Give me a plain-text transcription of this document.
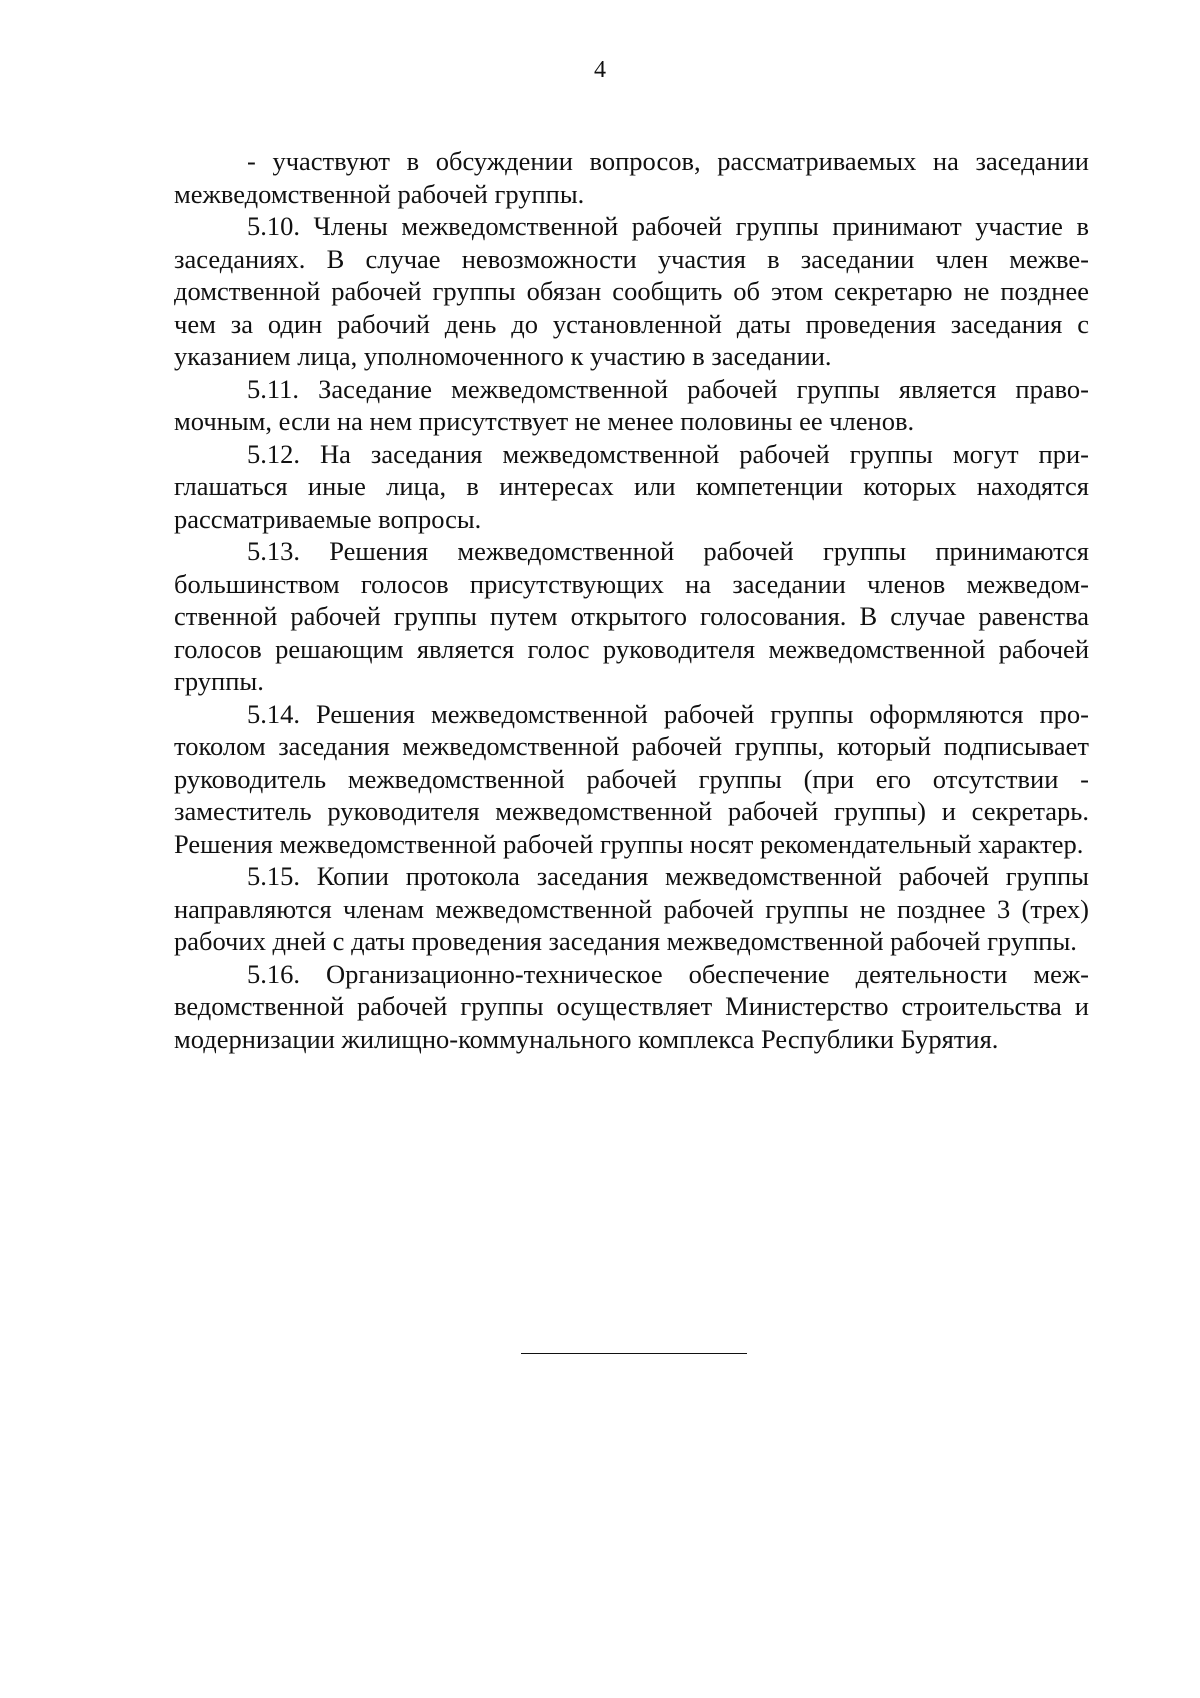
4

- участвуют в обсуждении вопросов, рассматриваемых на заседании межведомственной рабочей группы.

5.10. Члены межведомственной рабочей группы принимают участие в заседаниях. В случае невозможности участия в заседании член межведомственной рабочей группы обязан сообщить об этом секретарю не позднее чем за один рабочий день до установленной даты проведения заседания с указанием лица, уполномоченного к участию в заседании.

5.11. Заседание межведомственной рабочей группы является правомочным, если на нем присутствует не менее половины ее членов.

5.12. На заседания межведомственной рабочей группы могут приглашаться иные лица, в интересах или компетенции которых находятся рассматриваемые вопросы.

5.13. Решения межведомственной рабочей группы принимаются большинством голосов присутствующих на заседании членов межведомственной рабочей группы путем открытого голосования. В случае равенства голосов решающим является голос руководителя межведомственной рабочей группы.

5.14. Решения межведомственной рабочей группы оформляются протоколом заседания межведомственной рабочей группы, который подписывает руководитель межведомственной рабочей группы (при его отсутствии - заместитель руководителя межведомственной рабочей группы) и секретарь. Решения межведомственной рабочей группы носят рекомендательный характер.

5.15. Копии протокола заседания межведомственной рабочей группы направляются членам межведомственной рабочей группы не позднее 3 (трех) рабочих дней с даты проведения заседания межведомственной рабочей группы.

5.16. Организационно-техническое обеспечение деятельности межведомственной рабочей группы осуществляет Министерство строительства и модернизации жилищно-коммунального комплекса Республики Бурятия.
